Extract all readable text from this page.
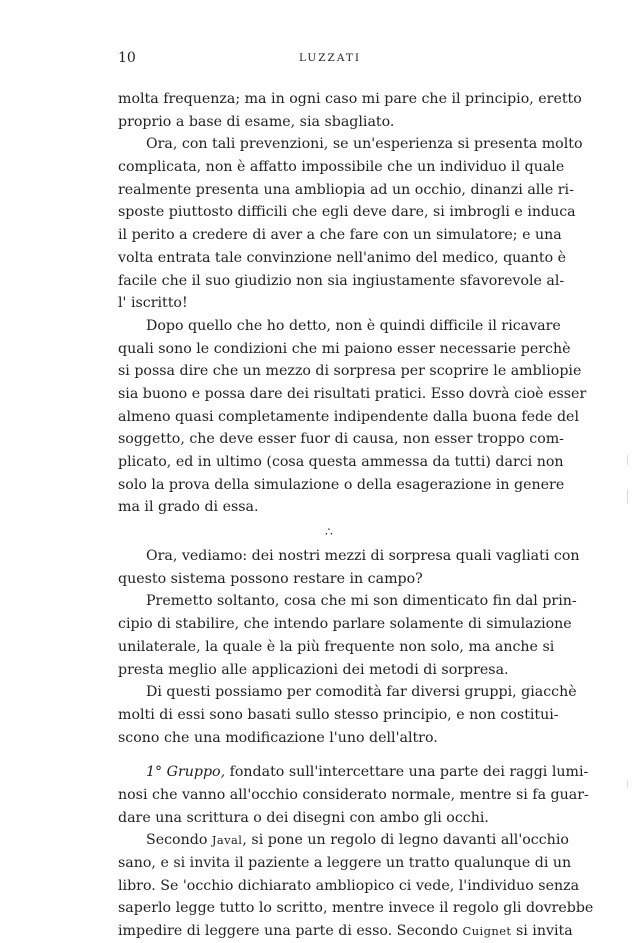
10	LUZZATI
molta frequenza; ma in ogni caso mi pare che il principio, eretto
proprio a base di esame, sia sbagliato.
Ora, con tali prevenzioni, se un'esperienza si presenta molto
complicata, non è affatto impossibile che un individuo il quale
realmente presenta una ambliopia ad un occhio, dinanzi alle ri-
sposte piuttosto difficili che egli deve dare, si imbrogli e induca
il perito a credere di aver a che fare con un simulatore; e una
volta entrata tale convinzione nell'animo del medico, quanto è
facile che il suo giudizio non sia ingiustamente sfavorevole al-
l' iscritto!
Dopo quello che ho detto, non è quindi difficile il ricavare
quali sono le condizioni che mi paiono esser necessarie perchè
si possa dire che un mezzo di sorpresa per scoprire le ambliopie
sia buono e possa dare dei risultati pratici. Esso dovrà cioè esser
almeno quasi completamente indipendente dalla buona fede del
soggetto, che deve esser fuor di causa, non esser troppo com-
plicato, ed in ultimo (cosa questa ammessa da tutti) darci non
solo la prova della simulazione o della esagerazione in genere
ma il grado di essa.
∴
Ora, vediamo: dei nostri mezzi di sorpresa quali vagliati con
questo sistema possono restare in campo?
Premetto soltanto, cosa che mi son dimenticato fin dal prin-
cipio di stabilire, che intendo parlare solamente di simulazione
unilaterale, la quale è la più frequente non solo, ma anche si
presta meglio alle applicazioni dei metodi di sorpresa.
Di questi possiamo per comodità far diversi gruppi, giacchè
molti di essi sono basati sullo stesso principio, e non costitui-
scono che una modificazione l'uno dell'altro.
1° Gruppo, fondato sull'intercettare una parte dei raggi lumi-
nosi che vanno all'occhio considerato normale, mentre si fa guar-
dare una scrittura o dei disegni con ambo gli occhi.
Secondo Javal, si pone un regolo di legno davanti all'occhio
sano, e si invita il paziente a leggere un tratto qualunque di un
libro. Se 'occhio dichiarato ambliopico ci vede, l'individuo senza
saperlo legge tutto lo scritto, mentre invece il regolo gli dovrebbe
impedire di leggere una parte di esso. Secondo Cuignet si invita
